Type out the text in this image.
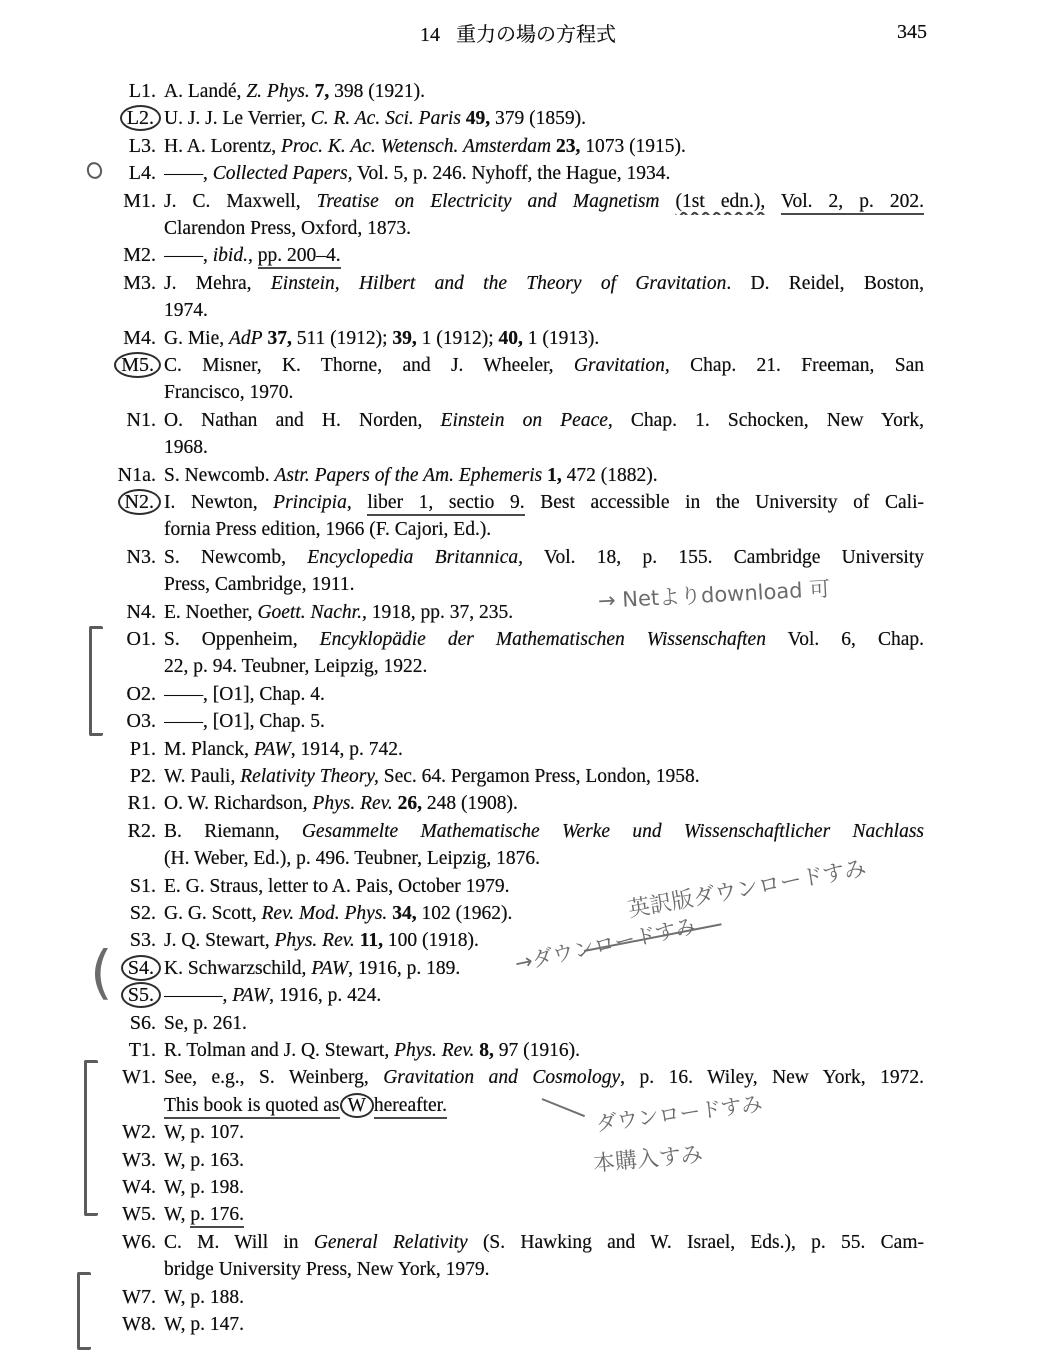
14 重力の場の方程式	345
L1. A. Landé, Z. Phys. 7, 398 (1921).
L2. U. J. J. Le Verrier, C. R. Ac. Sci. Paris 49, 379 (1859).
L3. H. A. Lorentz, Proc. K. Ac. Wetensch. Amsterdam 23, 1073 (1915).
L4. ——, Collected Papers, Vol. 5, p. 246. Nyhoff, the Hague, 1934.
M1. J. C. Maxwell, Treatise on Electricity and Magnetism (1st edn.), Vol. 2, p. 202.
Clarendon Press, Oxford, 1873.
M2. ——, ibid., pp. 200–4.
M3. J. Mehra, Einstein, Hilbert and the Theory of Gravitation. D. Reidel, Boston,
1974.
M4. G. Mie, AdP 37, 511 (1912); 39, 1 (1912); 40, 1 (1913).
M5. C. Misner, K. Thorne, and J. Wheeler, Gravitation, Chap. 21. Freeman, San
Francisco, 1970.
N1. O. Nathan and H. Norden, Einstein on Peace, Chap. 1. Schocken, New York,
1968.
N1a. S. Newcomb. Astr. Papers of the Am. Ephemeris 1, 472 (1882).
N2. I. Newton, Principia, liber 1, sectio 9. Best accessible in the University of Cali-
fornia Press edition, 1966 (F. Cajori, Ed.).
N3. S. Newcomb, Encyclopedia Britannica, Vol. 18, p. 155. Cambridge University
Press, Cambridge, 1911.
N4. E. Noether, Goett. Nachr., 1918, pp. 37, 235.
O1. S. Oppenheim, Encyklopädie der Mathematischen Wissenschaften Vol. 6, Chap.
22, p. 94. Teubner, Leipzig, 1922.
O2. ——, [O1], Chap. 4.
O3. ——, [O1], Chap. 5.
P1. M. Planck, PAW, 1914, p. 742.
P2. W. Pauli, Relativity Theory, Sec. 64. Pergamon Press, London, 1958.
R1. O. W. Richardson, Phys. Rev. 26, 248 (1908).
R2. B. Riemann, Gesammelte Mathematische Werke und Wissenschaftlicher Nachlass
(H. Weber, Ed.), p. 496. Teubner, Leipzig, 1876.
S1. E. G. Straus, letter to A. Pais, October 1979.
S2. G. G. Scott, Rev. Mod. Phys. 34, 102 (1962).
S3. J. Q. Stewart, Phys. Rev. 11, 100 (1918).
S4. K. Schwarzschild, PAW, 1916, p. 189.
S5. ———, PAW, 1916, p. 424.
S6. Se, p. 261.
T1. R. Tolman and J. Q. Stewart, Phys. Rev. 8, 97 (1916).
W1. See, e.g., S. Weinberg, Gravitation and Cosmology, p. 16. Wiley, New York, 1972.
This book is quoted as W hereafter.
W2. W, p. 107.
W3. W, p. 163.
W4. W, p. 198.
W5. W, p. 176.
W6. C. M. Will in General Relativity (S. Hawking and W. Israel, Eds.), p. 55. Cam-
bridge University Press, New York, 1979.
W7. W, p. 188.
W8. W, p. 147.
→ Netよりdownload 可
英訳版ダウンロードすみ
→ダウンロードすみ
ダウンロードすみ
本購入すみ
(
